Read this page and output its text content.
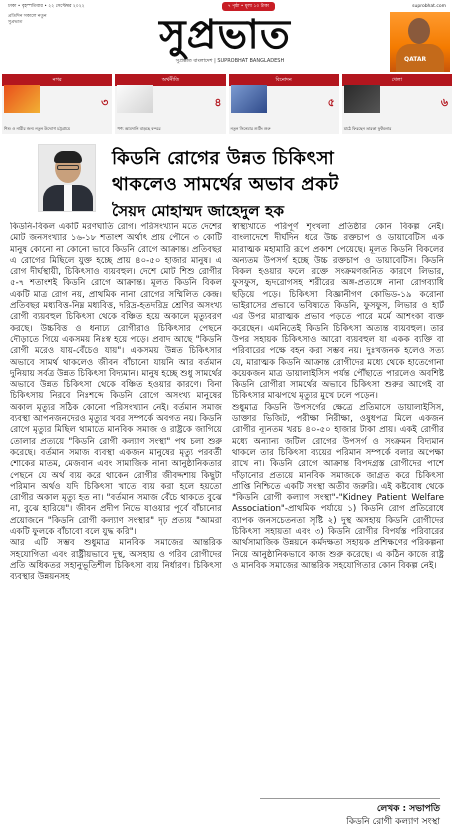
ঢাকা • বৃহস্পতিবার • ২২ সেপ্টেম্বর ২০২২	৭ পৃষ্ঠা • মূল্য ১০ টাকা	suprobhat.com
প্রতিদিন সকালে নতুন সুপ্রভাত	সুপ্রভাত
সুপ্রভাত বাংলাদেশ | SUPROBHAT BANGLADESH	QATAR
নগর
৩
শিশু ও নারীর জন্য নতুন উদ্যোগ চট্টগ্রামে
অর্থনীতি
৪
পণ্য আমদানি বাড়ছে বন্দরে
বিনোদন
৫
নতুন সিনেমার শুটিং শুরু
খেলা
৬
মাঠে ফিরছেন তারকা ফুটবলার
কিডনি রোগের উন্নত চিকিৎসা
থাকলেও সামর্থের অভাব প্রকট
সৈয়দ মোহাম্মদ জাহেদুল হক

কিডনি-বিকল একটি মরণঘাতি রোগ। পরিসংখ্যান মতে দেশের মোট জনসংখ্যার ১৬-১৮ শতাংশ অর্থাৎ প্রায় পৌনে ৩ কোটি মানুষ কোনো না কোনো ভাবে কিডনি রোগে আক্রান্ত। প্রতিবছর এ রোগের মিছিলে যুক্ত হচ্ছে প্রায় ৪০-৫০ হাজার মানুষ। এ রোগ দীর্ঘস্থায়ী, চিকিৎসাও ব্যয়বহুল। দেশে মোট শিশু রোগীর ৫-৭ শতাংশই কিডনি রোগে আক্রান্ত। মূলত কিডনি বিকল একটি মাত্র রোগ নয়, প্রাথমিক নানা রোগের সম্মিলিত কেন্দ্র। প্রতিবছর মধ্যবিত্ত-নিম্ন মধ্যবিত্ত, দরিদ্র-হতদরিদ্র শ্রেণির অসংখ্য রোগী ব্যয়বহুল চিকিৎসা থেকে বঞ্চিত হয়ে অকালে মৃত্যুবরণ করছে। উচ্চবিত্ত ও ধনাঢ্য রোগীরাও চিকিৎসার পেছনে দৌড়াতে গিয়ে একসময় নিঃস্ব হয়ে পড়ে। প্রবাদ আছে "কিডনি রোগী মরেও যায়-বেঁচেও যায়"। একসময় উন্নত চিকিৎসার অভাবে সামর্থ থাকলেও জীবন বাঁচানো যায়নি আর বর্তমান দুনিয়ায় সর্বত্র উন্নত চিকিৎসা বিদ্যমান। মানুষ হচ্ছে শুধু সামর্থের অভাবে উন্নত চিকিৎসা থেকে বঞ্চিত হওয়ার কারণে। বিনা চিকিৎসায় নিরবে নিঃশব্দে কিডনি রোগে অসংখ্য মানুষের অকাল মৃত্যুর সঠিক কোনো পরিসংখ্যান নেই। বর্তমান সমাজ ব্যবস্থা আপনজনদেরও মৃত্যুর খবর সম্পর্কে অবগত নয়। কিডনি রোগে মৃত্যুর মিছিল থামাতে মানবিক সমাজ ও রাষ্ট্রকে জাগিয়ে তোলার প্রত্যয়ে "কিডনি রোগী কল্যাণ সংস্থা" পথ চলা শুরু করেছে। বর্তমান সমাজ ব্যবস্থা একজন মানুষের মৃত্যু পরবর্তী শোকের মাতম, মেজবান এবং সামাজিক নানা আনুষ্ঠানিকতার পেছনে যে অর্থ ব্যয় করে থাকেন রোগীর জীবদ্দশায় কিছুটা পরিমান অর্থও যদি চিকিৎসা খাতে ব্যয় করা হলে হয়তো রোগীর অকাল মৃত্যু হত না। "বর্তমান সমাজ বেঁচে থাকতে বুঝে না, বুঝে হারিয়ে"। জীবন প্রদীপ নিভে যাওয়ার পূর্বে বাঁচানোর প্রয়োজনে "কিডনি রোগী কল্যাণ সংস্থার" দৃঢ় প্রত্যয় "আমরা একটি ফুলকে বাঁচাবো বলে যুদ্ধ করি"।

আর এটি সম্ভব শুধুমাত্র মানবিক সমাজের আন্তরিক সহযোগিতা এবং রাষ্ট্রীয়ভাবে দুস্থ, অসহায় ও গরিব রোগীদের প্রতি অধিকতর সহানুভূতিশীল চিকিৎসা ব্যয় নির্ধারণ। চিকিৎসা ব্যবস্থার উন্নয়নসহ

স্বাস্থ্যখাতে পরিপূর্ণ শৃংখলা প্রতিষ্ঠার কোন বিকল্প নেই। বাংলাদেশে দীর্ঘদিন ধরে উচ্চ রক্তচাপ ও ডায়াবেটিস এক মারাত্মক মহামারি রূপে প্রকাশ পেয়েছে। মূলত কিডনি বিকলের অন্যতম উপসর্গ হচ্ছে উচ্চ রক্তচাপ ও ডায়াবেটিস। কিডনি বিকল হওয়ার ফলে রক্তে সংক্রমণজনিত কারণে লিভার, ফুসফুস, হৃদরোগসহ শরীরের অঙ্গ-প্রত্যঙ্গে নানা রোগব্যাধি ছড়িয়ে পড়ে। চিকিৎসা বিজ্ঞানীগণ কোভিড-১৯ করোনা ভাইরাসের প্রভাবে ভবিষ্যতে কিডনি, ফুসফুস, লিভার ও হার্ট এর উপর মারাত্মক প্রভাব পড়তে পারে মর্মে আশংকা ব্যক্ত করেছেন। এমনিতেই কিডনি চিকিৎসা অত্যন্ত ব্যয়বহুল। তার উপর সহায়ক চিকিৎসাও আরো ব্যয়বহুল যা একক ব্যক্তি বা পরিবারের পক্ষে বহন করা সম্ভব নয়। দুঃখজনক হলেও সত্য যে, মারাত্মক কিডনি আক্রান্ত রোগীদের মধ্যে থেকে হাতেগোনা কয়েকজন মাত্র ডায়ালাইসিস পর্যন্ত পৌঁছাতে পারলেও অবশিষ্ট কিডনি রোগীরা সামর্থের অভাবে চিকিৎসা শুরুর আগেই বা চিকিৎসার মাঝপথে মৃত্যুর মুখে ঢলে পড়েন।

শুধুমাত্র কিডনি উপসর্গের ক্ষেত্রে প্রতিমাসে ডায়ালাইসিস, ডাক্তার ভিজিট, পরীক্ষা নিরীক্ষা, ওষুধপত্র মিলে একজন রোগীর ন্যূনতম খরচ ৪০-৫০ হাজার টাকা প্রায়। একই রোগীর মধ্যে অন্যান্য জটিল রোগের উপসর্গ ও সংক্রমন বিদ্যমান থাকলে তার চিকিৎসা ব্যয়ের পরিমান সম্পর্কে বলার অপেক্ষা রাখে না। কিডনি রোগে আক্রান্ত বিপদগ্রস্ত রোগীদের পাশে দাঁড়ানোর প্রত্যয়ে মানবিক সমাজকে জাগ্রত করে চিকিৎসা প্রাপ্তি নিশ্চিতে একটি সংস্থা অতীব জরুরি। এই কষ্টবোধ থেকে "কিডনি রোগী কল্যাণ সংস্থা"-"Kidney Patient Welfare Association"-প্রাথমিক পর্যায়ে ১) কিডনি রোগ প্রতিরোধে ব্যাপক জনসচেতনতা সৃষ্টি ২) দুস্থ অসহায় কিডনি রোগীদের চিকিৎসা সহায়তা এবং ৩) কিডনি রোগীর বিপর্যস্ত পরিবারের আর্থসামাজিক উন্নয়নে কর্মদক্ষতা সহায়ক প্রশিক্ষণের পরিকল্পনা নিয়ে আনুষ্ঠানিকভাবে কাজ শুরু করেছে। এ কঠিন কাজে রাষ্ট্র ও মানবিক সমাজের আন্তরিক সহযোগিতার কোন বিকল্প নেই।

লেখক : সভাপতি
কিডনি রোগী কল্যাণ সংস্থা
